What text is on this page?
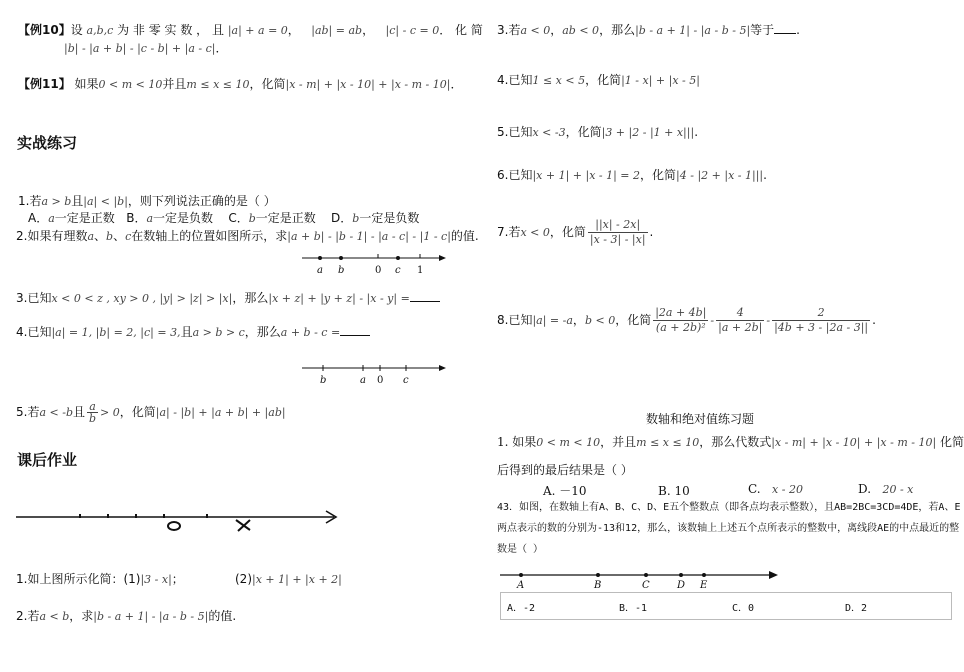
【例10】设 a,b,c 为 非 零 实 数 ， 且 |a| + a = 0，   |ab| = ab，   |c| - c = 0． 化 简
|b| - |a + b| - |c - b| + |a - c|．
【例11】 如果0 < m < 10并且m ≤ x ≤ 10，化简|x - m| + |x - 10| + |x - m - 10|．
实战练习
1.若a > b且|a| < |b|，则下列说法正确的是（ ）
A．a一定是正数 B．a一定是负数 C．b一定是正数 D．b一定是负数
2.如果有理数a、b、c在数轴上的位置如图所示，求|a + b| - |b - 1| - |a - c| - |1 - c|的值.
a b	0 c 1
3.已知x < 0 < z , xy > 0 , |y| > |z| > |x|，那么|x + z| + |y + z| - |x - y| =
4.已知|a| = 1, |b| = 2, |c| = 3,且a > b > c，那么a + b - c =
b	a 0 c
5.若a < -b且 $\frac{a}{b} > 0$，化简|a| - |b| + |a + b| + |ab|
课后作业
1.如上图所示化简：(1)|3 - x|；	(2)|x + 1| + |x + 2|
2.若a < b，求|b - a + 1| - |a - b - 5|的值.
3.若a < 0，ab < 0，那么|b - a + 1| - |a - b - 5|等于 .
4.已知1 ≤ x < 5，化简|1 - x| + |x - 5|
5.已知x < -3，化简|3 + |2 - |1 + x|||.
6.已知|x + 1| + |x - 1| = 2，化简|4 - |2 + |x - 1|||.
7.若x < 0，化简 $\frac{||x| - 2x|}{|x - 3| - |x|}$ .
8.已知|a| = -a，b < 0，化简 $\frac{|2a + 4b|}{\text{(a + 2b)²}} - \frac{4}{|a + 2b|} - \frac{2}{|4b + 3 - |2a - 3||}$ .
数轴和绝对值练习题
1. 如果0 < m < 10，并且m ≤ x ≤ 10，那么代数式|x - m| + |x - 10| + |x - m - 10| 化简
后得到的最后结果是（ ）
A. －10	B. 10	C. x - 20	D. 20 - x
43．如图，在数轴上有A、B、C、D、E五个整数点（即各点均表示整数），且AB=2BC=3CD=4DE，若A、E
两点表示的数的分别为-13和12，那么，该数轴上上述五个点所表示的整数中，离线段AE的中点最近的整
数是（ ）
A	B	C	D E
A．-2	B．-1	C．0	D．2
